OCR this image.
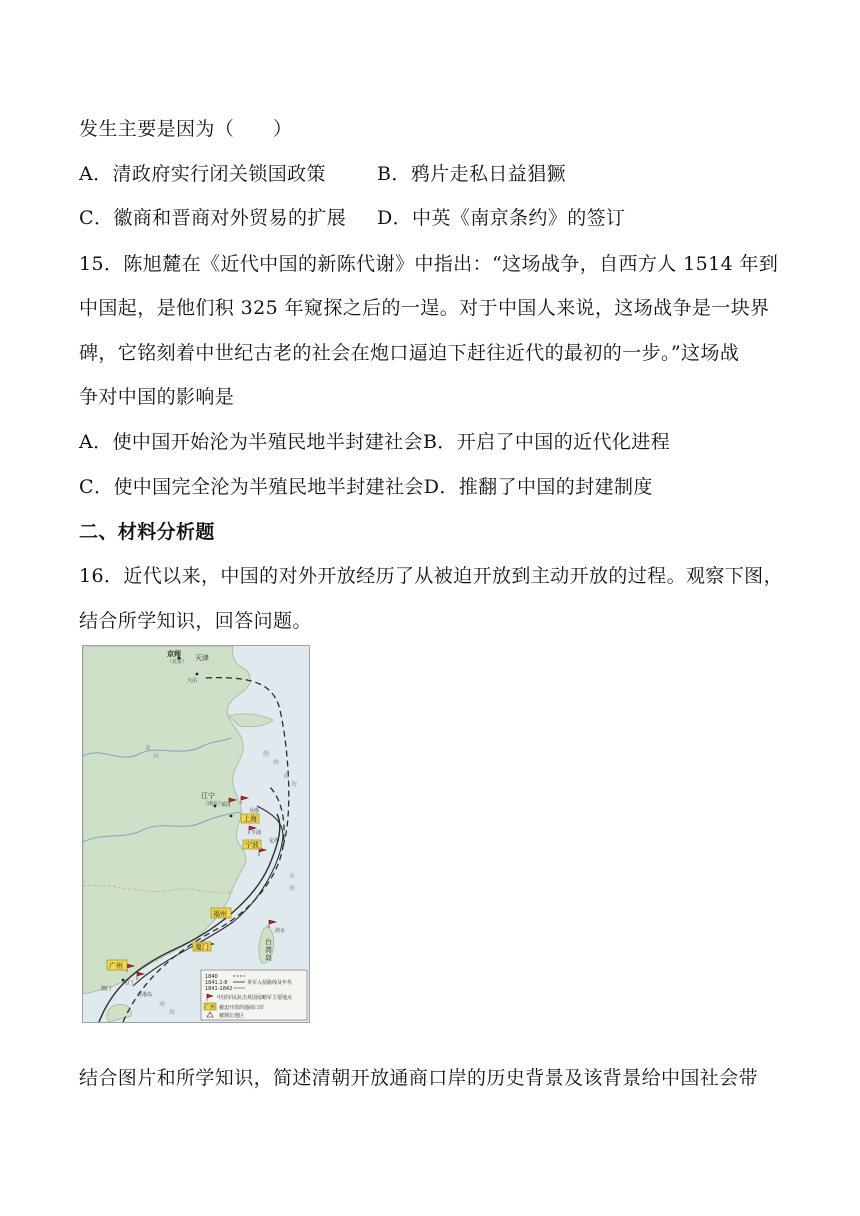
发生主要是因为（　　）
A．清政府实行闭关锁国政策	B．鸦片走私日益猖獗
C．徽商和晋商对外贸易的扩展 D．中英《南京条约》的签订
15．陈旭麓在《近代中国的新陈代谢》中指出：“这场战争，自西方人 1514 年到
中国起，是他们积 325 年窥探之后的一逞。对于中国人来说，这场战争是一块界
碑，它铭刻着中世纪古老的社会在炮口逼迫下赶往近代的最初的一步。”这场战
争对中国的影响是
A．使中国开始沦为半殖民地半封建社会B．开启了中国的近代化进程
C．使中国完全沦为半殖民地半封建社会D．推翻了中国的封建制度
二、材料分析题
16．近代以来，中国的对外开放经历了从被迫开放到主动开放的过程。观察下图，
结合所学知识，回答问题。
京师
（北京） 天津
大沽
江宁
（南京）
镇江
吴淞
上海
乍浦
定海
宁波
福州
厦门
淡水
台
湾
岛
广州
虎门
澳门
香港岛
渤
海
黄
河
黄
海
东
海
南
海
1840
1841.1-8
1841-1842
英军入侵路线及年代
中国军民抗击英国侵略军主要地点
广州 被迫开放的通商口岸
被割让地区
结合图片和所学知识，简述清朝开放通商口岸的历史背景及该背景给中国社会带
